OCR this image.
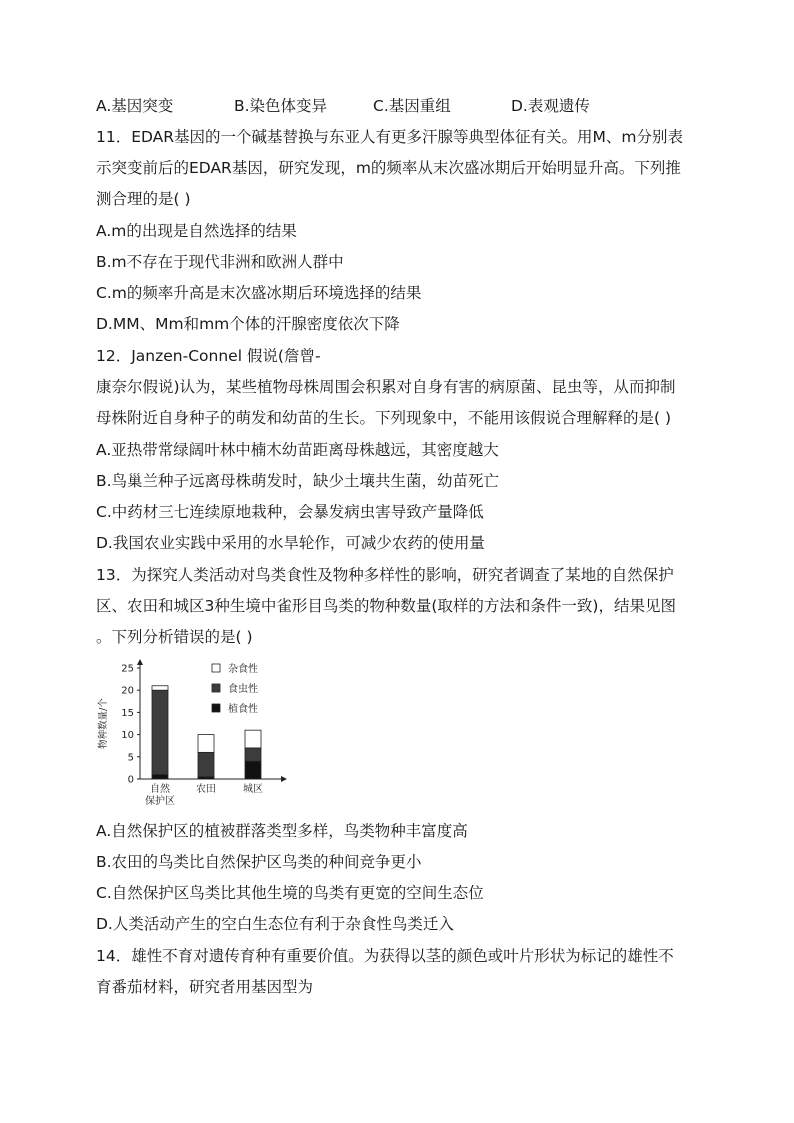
A.基因突变	B.染色体变异	C.基因重组	D.表观遗传
11．EDAR基因的一个碱基替换与东亚人有更多汗腺等典型体征有关。用M、m分别表
示突变前后的EDAR基因，研究发现，m的频率从末次盛冰期后开始明显升高。下列推
测合理的是( )
A.m的出现是自然选择的结果
B.m不存在于现代非洲和欧洲人群中
C.m的频率升高是末次盛冰期后环境选择的结果
D.MM、Mm和mm个体的汗腺密度依次下降
12．Janzen-Connel 假说(詹曾-
康奈尔假说)认为，某些植物母株周围会积累对自身有害的病原菌、昆虫等，从而抑制
母株附近自身种子的萌发和幼苗的生长。下列现象中，不能用该假说合理解释的是( )
A.亚热带常绿阔叶林中楠木幼苗距离母株越远，其密度越大
B.鸟巢兰种子远离母株萌发时，缺少土壤共生菌，幼苗死亡
C.中药材三七连续原地栽种，会暴发病虫害导致产量降低
D.我国农业实践中采用的水旱轮作，可减少农药的使用量
13．为探究人类活动对鸟类食性及物种多样性的影响，研究者调查了某地的自然保护
区、农田和城区3种生境中雀形目鸟类的物种数量(取样的方法和条件一致)，结果见图
。下列分析错误的是( )
0
5
10
15
20
25
物种数量/个
自然
保护区
农田	城区
杂食性
食虫性
植食性
A.自然保护区的植被群落类型多样，鸟类物种丰富度高
B.农田的鸟类比自然保护区鸟类的种间竞争更小
C.自然保护区鸟类比其他生境的鸟类有更宽的空间生态位
D.人类活动产生的空白生态位有利于杂食性鸟类迁入
14．雄性不育对遗传育种有重要价值。为获得以茎的颜色或叶片形状为标记的雄性不
育番茄材料，研究者用基因型为
